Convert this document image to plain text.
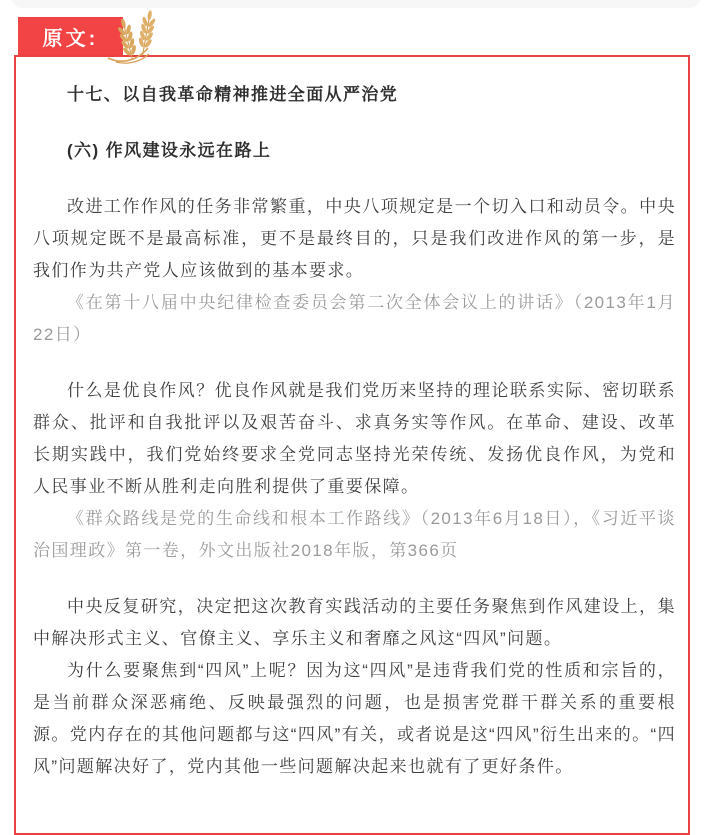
原文:
十七、以自我革命精神推进全面从严治党
(六) 作风建设永远在路上

改进工作作风的任务非常繁重，中央八项规定是一个切入口和动员令。中央八项规定既不是最高标准，更不是最终目的，只是我们改进作风的第一步，是我们作为共产党人应该做到的基本要求。

《在第十八届中央纪律检查委员会第二次全体会议上的讲话》（2013年1月22日）

什么是优良作风？优良作风就是我们党历来坚持的理论联系实际、密切联系群众、批评和自我批评以及艰苦奋斗、求真务实等作风。在革命、建设、改革长期实践中，我们党始终要求全党同志坚持光荣传统、发扬优良作风，为党和人民事业不断从胜利走向胜利提供了重要保障。

《群众路线是党的生命线和根本工作路线》（2013年6月18日），《习近平谈治国理政》第一卷，外文出版社2018年版，第366页

中央反复研究，决定把这次教育实践活动的主要任务聚焦到作风建设上，集中解决形式主义、官僚主义、享乐主义和奢靡之风这“四风”问题。

为什么要聚焦到“四风”上呢？因为这“四风”是违背我们党的性质和宗旨的，是当前群众深恶痛绝、反映最强烈的问题，也是损害党群干群关系的重要根源。党内存在的其他问题都与这“四风”有关，或者说是这“四风”衍生出来的。“四风”问题解决好了，党内其他一些问题解决起来也就有了更好条件。
